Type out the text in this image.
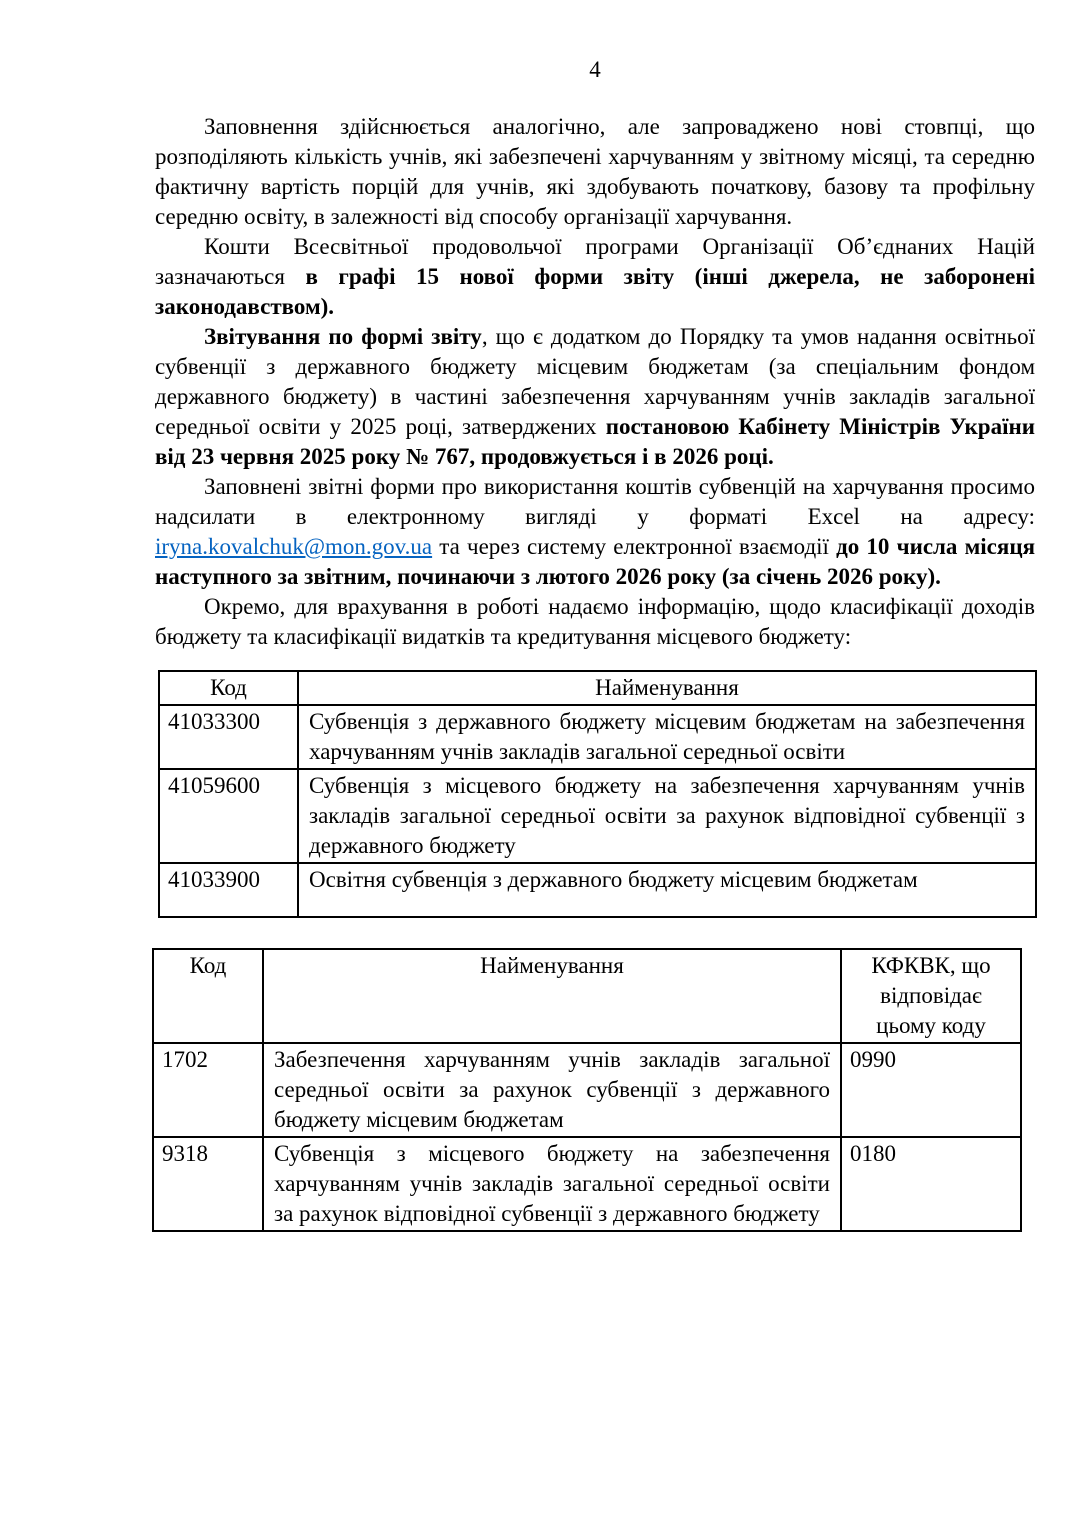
4

Заповнення здійснюється аналогічно, але запроваджено нові стовпці, що розподіляють кількість учнів, які забезпечені харчуванням у звітному місяці, та середню фактичну вартість порцій для учнів, які здобувають початкову, базову та профільну середню освіту, в залежності від способу організації харчування.

Кошти Всесвітньої продовольчої програми Організації Об’єднаних Націй зазначаються в графі 15 нової форми звіту (інші джерела, не заборонені законодавством).

Звітування по формі звіту, що є додатком до Порядку та умов надання освітньої субвенції з державного бюджету місцевим бюджетам (за спеціальним фондом державного бюджету) в частині забезпечення харчуванням учнів закладів загальної середньої освіти у 2025 році, затверджених постановою Кабінету Міністрів України від 23 червня 2025 року № 767, продовжується і в 2026 році.

Заповнені звітні форми про використання коштів субвенцій на харчування просимо надсилати в електронному вигляді у форматі Excel на адресу: iryna.kovalchuk@mon.gov.ua та через систему електронної взаємодії до 10 числа місяця наступного за звітним, починаючи з лютого 2026 року (за січень 2026 року).

Окремо, для врахування в роботі надаємо інформацію, щодо класифікації доходів бюджету та класифікації видатків та кредитування місцевого бюджету:

Код	Найменування
41033300	Субвенція з державного бюджету місцевим бюджетам на забезпечення харчуванням учнів закладів загальної середньої освіти
41059600	Субвенція з місцевого бюджету на забезпечення харчуванням учнів закладів загальної середньої освіти за рахунок відповідної субвенції з державного бюджету
41033900	Освітня субвенція з державного бюджету місцевим бюджетам
Код	Найменування	КФКВК, що відповідає цьому коду
1702	Забезпечення харчуванням учнів закладів загальної середньої освіти за рахунок субвенції з державного бюджету місцевим бюджетам	0990
9318	Субвенція з місцевого бюджету на забезпечення харчуванням учнів закладів загальної середньої освіти за рахунок відповідної субвенції з державного бюджету	0180
